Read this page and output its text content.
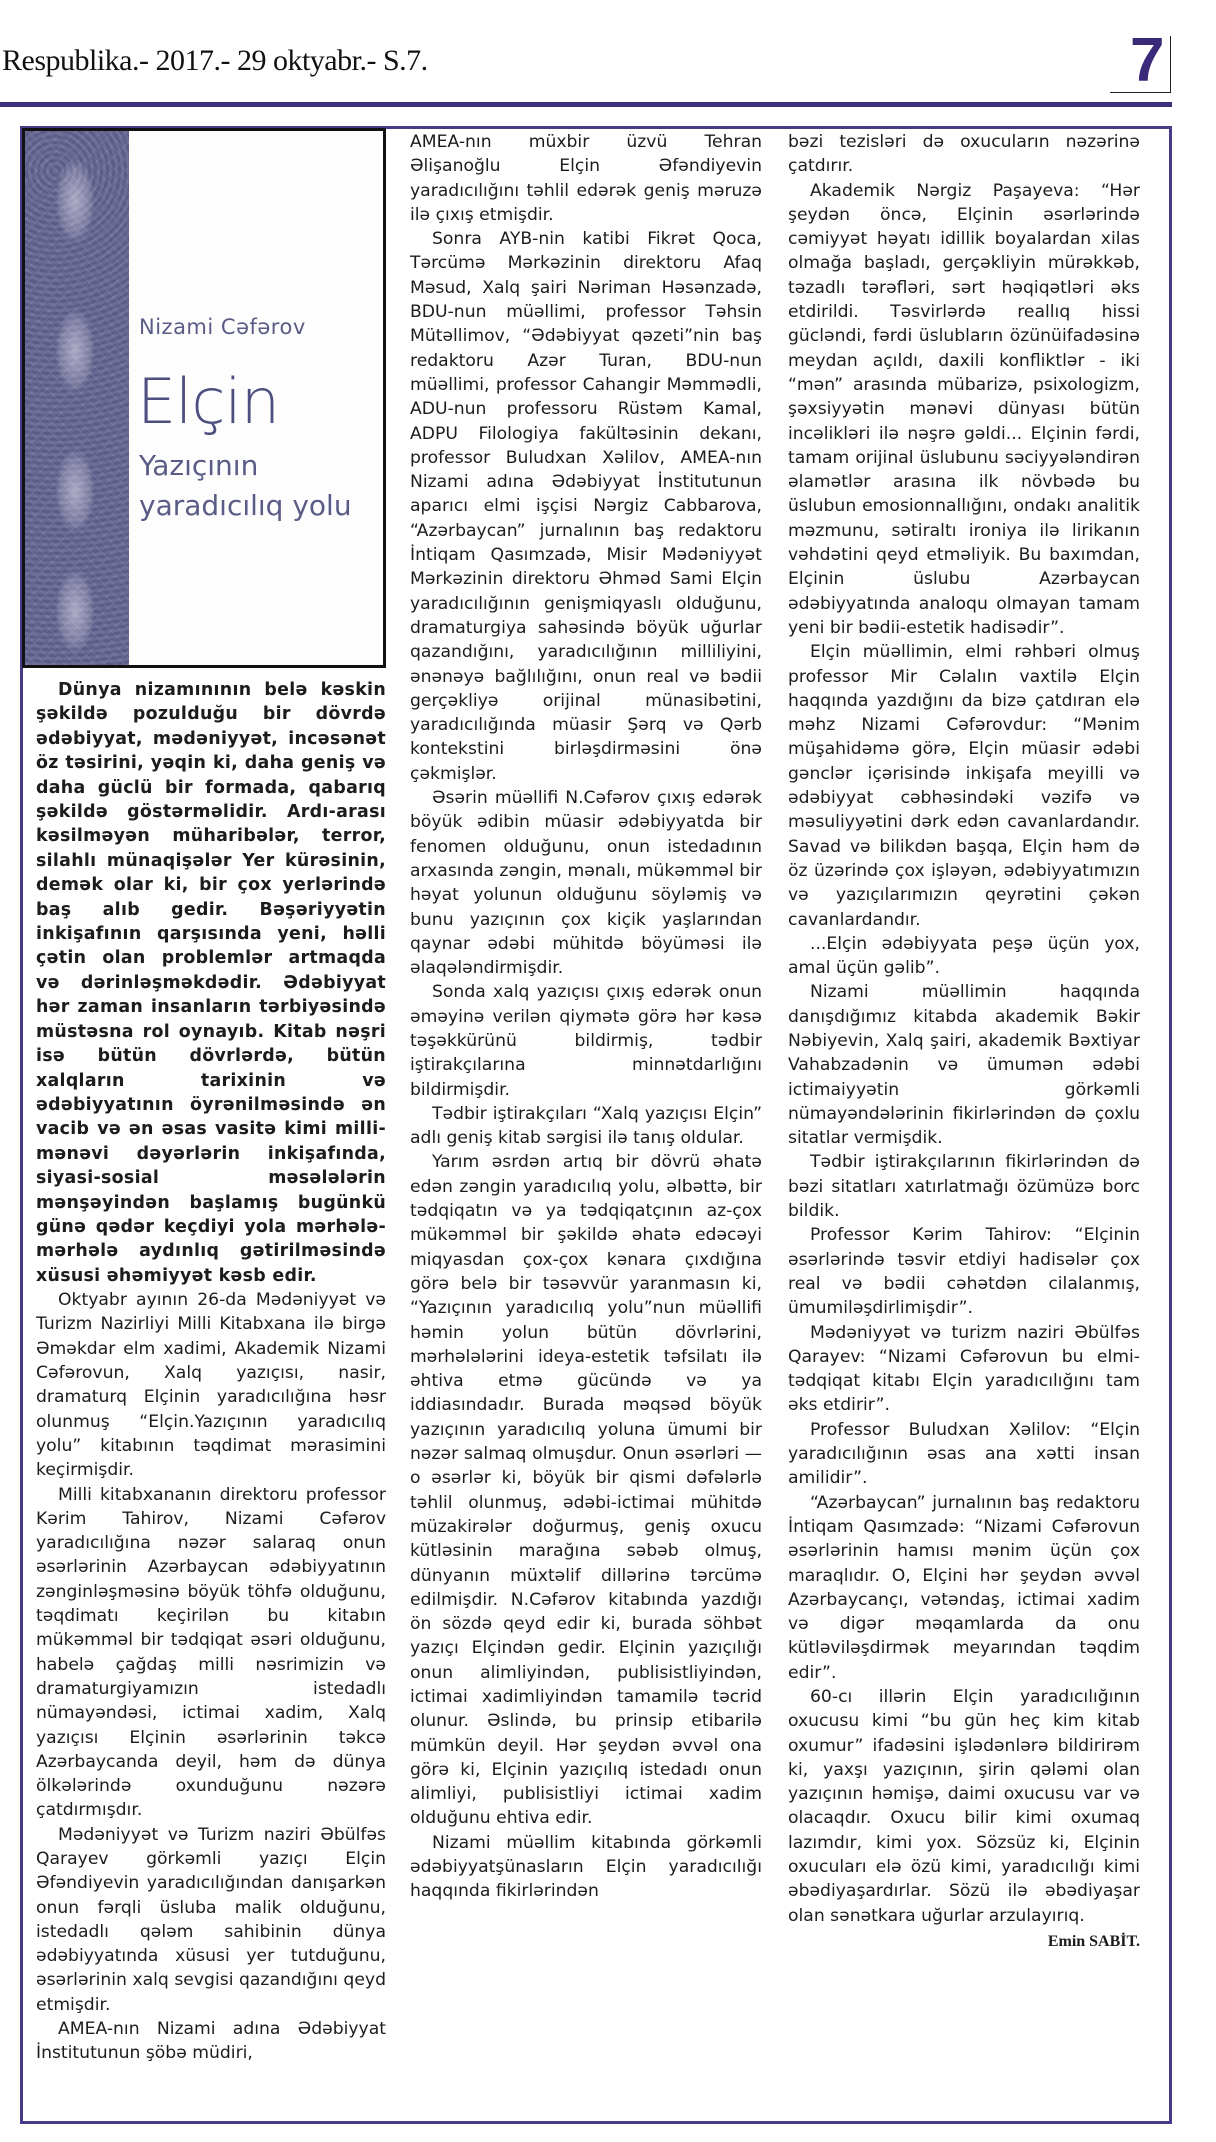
Respublika.- 2017.- 29 oktyabr.- S.7.	7
Nizami Cəfərov
Elçin
Yazıçının
yaradıcılıq yolu

Dünya nizamınının belə kəskin şəkildə pozulduğu bir dövrdə ədəbiyyat, mədəniyyət, incəsənət öz təsirini, yəqin ki, daha geniş və daha güclü bir formada, qabarıq şəkildə göstərməlidir. Ardı-arası kəsilməyən müharibələr, terror, silahlı münaqişələr Yer kürəsinin, demək olar ki, bir çox yerlərində baş alıb gedir. Bəşəriyyətin inkişafının qarşısında yeni, həlli çətin olan problemlər artmaqda və dərinləşməkdədir. Ədəbiyyat hər zaman insanların tərbiyəsində müstəsna rol oynayıb. Kitab nəşri isə bütün dövrlərdə, bütün xalqların tarixinin və ədəbiyyatının öyrənilməsində ən vacib və ən əsas vasitə kimi milli-mənəvi dəyərlərin inkişafında, siyasi-sosial məsələlərin mənşəyindən başlamış bugünkü günə qədər keçdiyi yola mərhələ-mərhələ aydınlıq gətirilməsində xüsusi əhəmiyyət kəsb edir.

Oktyabr ayının 26-da Mədəniyyət və Turizm Nazirliyi Milli Kitabxana ilə birgə Əməkdar elm xadimi, Akademik Nizami Cəfərovun, Xalq yazıçısı, nasir, dramaturq Elçinin yaradıcılığına həsr olunmuş “Elçin.Yazıçının yaradıcılıq yolu” kitabının təqdimat mərasimini keçirmişdir.

Milli kitabxananın direktoru professor Kərim Tahirov, Nizami Cəfərov yaradıcılığına nəzər salaraq onun əsərlərinin Azərbaycan ədəbiyyatının zənginləşməsinə böyük töhfə olduğunu, təqdimatı keçirilən bu kitabın mükəmməl bir tədqiqat əsəri olduğunu, habelə çağdaş milli nəsrimizin və dramaturgiyamızın istedadlı nümayəndəsi, ictimai xadim, Xalq yazıçısı Elçinin əsərlərinin təkcə Azərbaycanda deyil, həm də dünya ölkələrində oxunduğunu nəzərə çatdırmışdır.

Mədəniyyət və Turizm naziri Əbülfəs Qarayev görkəmli yazıçı Elçin Əfəndiyevin yaradıcılığından danışarkən onun fərqli üsluba malik olduğunu, istedadlı qələm sahibinin dünya ədəbiyyatında xüsusi yer tutduğunu, əsərlərinin xalq sevgisi qazandığını qeyd etmişdir.

AMEA-nın Nizami adına Ədəbiyyat İnstitutunun şöbə müdiri,

AMEA-nın müxbir üzvü Tehran Əlişanoğlu Elçin Əfəndiyevin yaradıcılığını təhlil edərək geniş məruzə ilə çıxış etmişdir.

Sonra AYB-nin katibi Fikrət Qoca, Tərcümə Mərkəzinin direktoru Afaq Məsud, Xalq şairi Nəriman Həsənzadə, BDU-nun müəllimi, professor Təhsin Mütəllimov, “Ədəbiyyat qəzeti”nin baş redaktoru Azər Turan, BDU-nun müəllimi, professor Cahangir Məmmədli, ADU-nun professoru Rüstəm Kamal, ADPU Filologiya fakültəsinin dekanı, professor Buludxan Xəlilov, AMEA-nın Nizami adına Ədəbiyyat İnstitutunun aparıcı elmi işçisi Nərgiz Cabbarova, “Azərbaycan” jurnalının baş redaktoru İntiqam Qasımzadə, Misir Mədəniyyət Mərkəzinin direktoru Əhməd Sami Elçin yaradıcılığının genişmiqyaslı olduğunu, dramaturgiya sahəsində böyük uğurlar qazandığını, yaradıcılığının milliliyini, ənənəyə bağlılığını, onun real və bədii gerçəkliyə orijinal münasibətini, yaradıcılığında müasir Şərq və Qərb kontekstini birləşdirməsini önə çəkmişlər.

Əsərin müəllifi N.Cəfərov çıxış edərək böyük ədibin müasir ədəbiyyatda bir fenomen olduğunu, onun istedadının arxasında zəngin, mənalı, mükəmməl bir həyat yolunun olduğunu söyləmiş və bunu yazıçının çox kiçik yaşlarından qaynar ədəbi mühitdə böyüməsi ilə əlaqələndirmişdir.

Sonda xalq yazıçısı çıxış edərək onun əməyinə verilən qiymətə görə hər kəsə təşəkkürünü bildirmiş, tədbir iştirakçılarına minnətdarlığını bildirmişdir.

Tədbir iştirakçıları “Xalq yazıçısı Elçin” adlı geniş kitab sərgisi ilə tanış oldular.

Yarım əsrdən artıq bir dövrü əhatə edən zəngin yaradıcılıq yolu, əlbəttə, bir tədqiqatın və ya tədqiqatçının az-çox mükəmməl bir şəkildə əhatə edəcəyi miqyasdan çox-çox kənara çıxdığına görə belə bir təsəvvür yaranmasın ki, “Yazıçının yaradıcılıq yolu”nun müəllifi həmin yolun bütün dövrlərini, mərhələlərini ideya-estetik təfsilatı ilə əhtiva etmə gücündə və ya iddiasındadır. Burada məqsəd böyük yazıçının yaradıcılıq yoluna ümumi bir nəzər salmaq olmuşdur. Onun əsərləri — o əsərlər ki, böyük bir qismi dəfələrlə təhlil olunmuş, ədəbi-ictimai mühitdə müzakirələr doğurmuş, geniş oxucu kütləsinin marağına səbəb olmuş, dünyanın müxtəlif dillərinə tərcümə edilmişdir. N.Cəfərov kitabında yazdığı ön sözdə qeyd edir ki, burada söhbət yazıçı Elçindən gedir. Elçinin yazıçılığı onun alimliyindən, publisistliyindən, ictimai xadimliyindən tamamilə təcrid olunur. Əslində, bu prinsip etibarilə mümkün deyil. Hər şeydən əvvəl ona görə ki, Elçinin yazıçılıq istedadı onun alimliyi, publisistliyi ictimai xadim olduğunu ehtiva edir.

Nizami müəllim kitabında görkəmli ədəbiyyatşünasların Elçin yaradıcılığı haqqında fikirlərindən

bəzi tezisləri də oxucuların nəzərinə çatdırır.

Akademik Nərgiz Paşayeva: “Hər şeydən öncə, Elçinin əsərlərində cəmiyyət həyatı idillik boyalardan xilas olmağa başladı, gerçəkliyin mürəkkəb, təzadlı tərəfləri, sərt həqiqətləri əks etdirildi. Təsvirlərdə reallıq hissi gücləndi, fərdi üslubların özünüifadəsinə meydan açıldı, daxili konfliktlər - iki “mən” arasında mübarizə, psixologizm, şəxsiyyətin mənəvi dünyası bütün incəlikləri ilə nəşrə gəldi... Elçinin fərdi, tamam orijinal üslubunu səciyyələndirən əlamətlər arasına ilk növbədə bu üslubun emosionnallığını, ondakı analitik məzmunu, sətiraltı ironiya ilə lirikanın vəhdətini qeyd etməliyik. Bu baxımdan, Elçinin üslubu Azərbaycan ədəbiyyatında analoqu olmayan tamam yeni bir bədii-estetik hadisədir”.

Elçin müəllimin, elmi rəhbəri olmuş professor Mir Cəlalın vaxtilə Elçin haqqında yazdığını da bizə çatdıran elə məhz Nizami Cəfərovdur: “Mənim müşahidəmə görə, Elçin müasir ədəbi gənclər içərisində inkişafa meyilli və ədəbiyyat cəbhəsindəki vəzifə və məsuliyyətini dərk edən cavanlardandır. Savad və bilikdən başqa, Elçin həm də öz üzərində çox işləyən, ədəbiyyatımızın və yazıçılarımızın qeyrətini çəkən cavanlardandır.

...Elçin ədəbiyyata peşə üçün yox, amal üçün gəlib”.

Nizami müəllimin haqqında danışdığımız kitabda akademik Bəkir Nəbiyevin, Xalq şairi, akademik Bəxtiyar Vahabzadənin və ümumən ədəbi ictimaiyyətin görkəmli nümayəndələrinin fikirlərindən də çoxlu sitatlar vermişdik.

Tədbir iştirakçılarının fikirlərindən də bəzi sitatları xatırlatmağı özümüzə borc bildik.

Professor Kərim Tahirov: “Elçinin əsərlərində təsvir etdiyi hadisələr çox real və bədii cəhətdən cilalanmış, ümumiləşdirlimişdir”.

Mədəniyyət və turizm naziri Əbülfəs Qarayev: “Nizami Cəfərovun bu elmi-tədqiqat kitabı Elçin yaradıcılığını tam əks etdirir”.

Professor Buludxan Xəlilov: “Elçin yaradıcılığının əsas ana xətti insan amilidir”.

“Azərbaycan” jurnalının baş redaktoru İntiqam Qasımzadə: “Nizami Cəfərovun əsərlərinin hamısı mənim üçün çox maraqlıdır. O, Elçini hər şeydən əvvəl Azərbaycançı, vətəndaş, ictimai xadim və digər məqamlarda da onu kütləviləşdirmək meyarından təqdim edir”.

60-cı illərin Elçin yaradıcılığının oxucusu kimi “bu gün heç kim kitab oxumur” ifadəsini işlədənlərə bildirirəm ki, yaxşı yazıçının, şirin qələmi olan yazıçının həmişə, daimi oxucusu var və olacaqdır. Oxucu bilir kimi oxumaq lazımdır, kimi yox. Sözsüz ki, Elçinin oxucuları elə özü kimi, yaradıcılığı kimi əbədiyaşardırlar. Sözü ilə əbədiyaşar olan sənətkara uğurlar arzulayırıq.

Emin SABİT.
